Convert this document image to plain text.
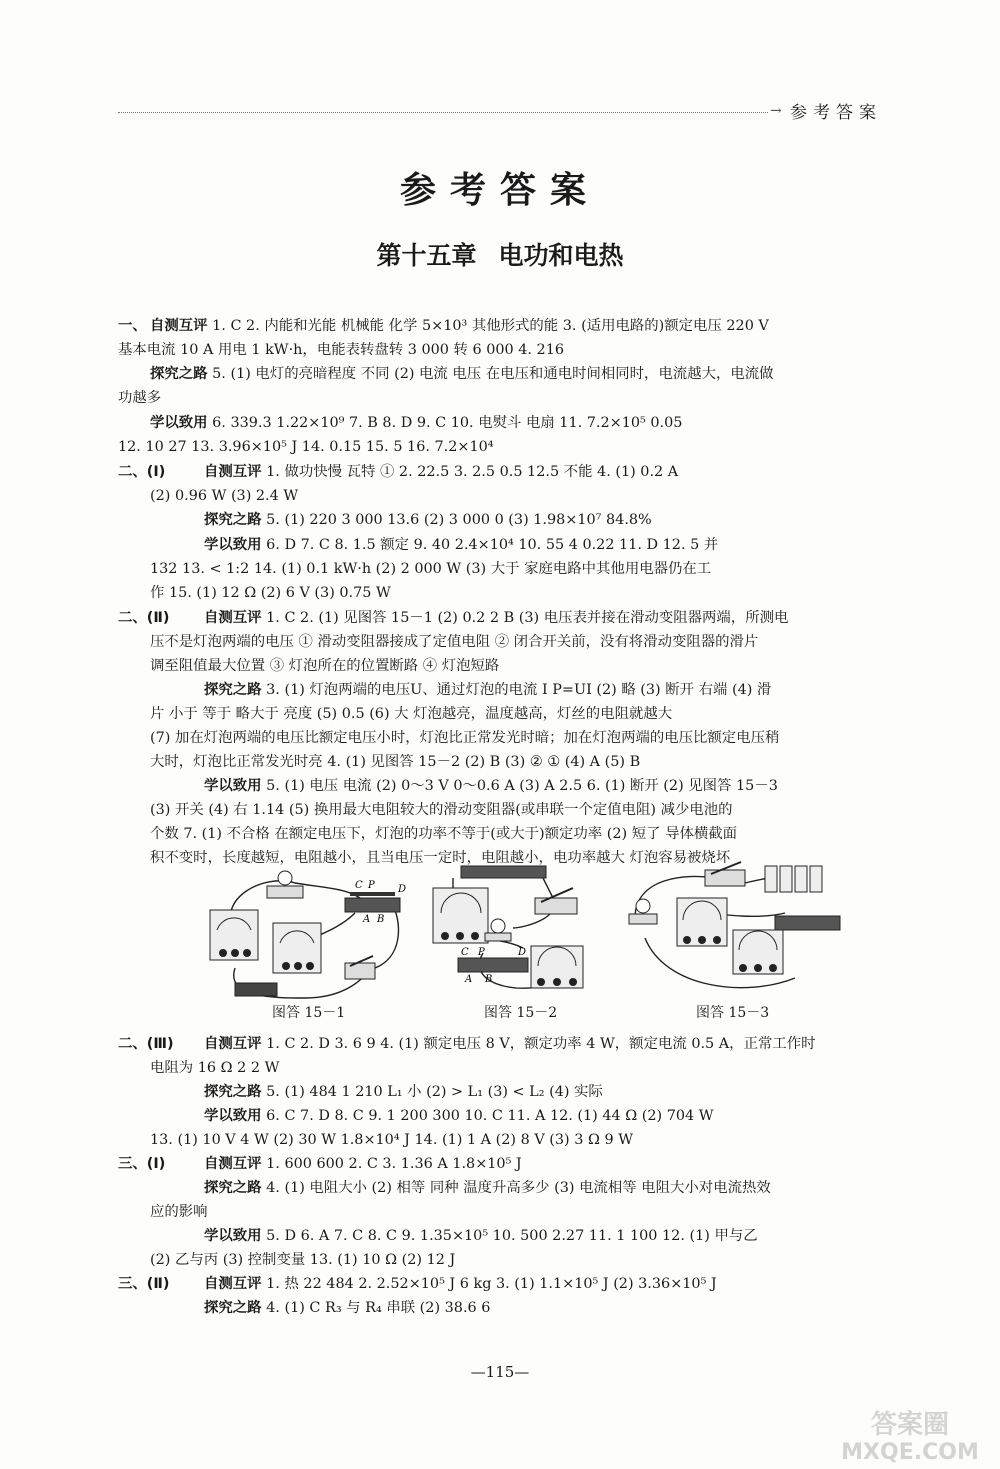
→ 参考答案
参考答案
第十五章 电功和电热
一、 自测互评 1. C 2. 内能和光能 机械能 化学 5×10³ 其他形式的能 3. (适用电路的)额定电压 220 V
基本电流 10 A 用电 1 kW·h，电能表转盘转 3 000 转 6 000 4. 216
探究之路 5. (1) 电灯的亮暗程度 不同 (2) 电流 电压 在电压和通电时间相同时，电流越大，电流做
功越多
学以致用 6. 339.3 1.22×10⁹ 7. B 8. D 9. C 10. 电熨斗 电扇 11. 7.2×10⁵ 0.05
12. 10 27 13. 3.96×10⁵ J 14. 0.15 15. 5 16. 7.2×10⁴
二、(Ⅰ)	自测互评 1. 做功快慢 瓦特 ① 2. 22.5 3. 2.5 0.5 12.5 不能 4. (1) 0.2 A
(2) 0.96 W (3) 2.4 W
探究之路 5. (1) 220 3 000 13.6 (2) 3 000 0 (3) 1.98×10⁷ 84.8%
学以致用 6. D 7. C 8. 1.5 额定 9. 40 2.4×10⁴ 10. 55 4 0.22 11. D 12. 5 并
132 13. < 1:2 14. (1) 0.1 kW·h (2) 2 000 W (3) 大于 家庭电路中其他用电器仍在工
作 15. (1) 12 Ω (2) 6 V (3) 0.75 W
二、(Ⅱ) 自测互评 1. C 2. (1) 见图答 15－1 (2) 0.2 2 B (3) 电压表并接在滑动变阻器两端，所测电
压不是灯泡两端的电压 ① 滑动变阻器接成了定值电阻 ② 闭合开关前，没有将滑动变阻器的滑片
调至阻值最大位置 ③ 灯泡所在的位置断路 ④ 灯泡短路
探究之路 3. (1) 灯泡两端的电压U、通过灯泡的电流 I P=UI (2) 略 (3) 断开 右端 (4) 滑
片 小于 等于 略大于 亮度 (5) 0.5 (6) 大 灯泡越亮，温度越高，灯丝的电阻就越大
(7) 加在灯泡两端的电压比额定电压小时，灯泡比正常发光时暗；加在灯泡两端的电压比额定电压稍
大时，灯泡比正常发光时亮 4. (1) 见图答 15－2 (2) B (3) ② ① (4) A (5) B
学以致用 5. (1) 电压 电流 (2) 0～3 V 0～0.6 A (3) A 2.5 6. (1) 断开 (2) 见图答 15－3
(3) 开关 (4) 右 1.14 (5) 换用最大电阻较大的滑动变阻器(或串联一个定值电阻) 减少电池的
个数 7. (1) 不合格 在额定电压下，灯泡的功率不等于(或大于)额定功率 (2) 短了 导体横截面
积不变时，长度越短，电阻越小，且当电压一定时，电阻越小，电功率越大 灯泡容易被烧坏
二、(Ⅲ) 自测互评 1. C 2. D 3. 6 9 4. (1) 额定电压 8 V，额定功率 4 W，额定电流 0.5 A，正常工作时
电阻为 16 Ω 2 2 W
探究之路 5. (1) 484 1 210 L₁ 小 (2) > L₁ (3) < L₂ (4) 实际
学以致用 6. C 7. D 8. C 9. 1 200 300 10. C 11. A 12. (1) 44 Ω (2) 704 W
13. (1) 10 V 4 W (2) 30 W 1.8×10⁴ J 14. (1) 1 A (2) 8 V (3) 3 Ω 9 W
三、(Ⅰ)	自测互评 1. 600 600 2. C 3. 1.36 A 1.8×10⁵ J
探究之路 4. (1) 电阻大小 (2) 相等 同种 温度升高多少 (3) 电流相等 电阻大小对电流热效
应的影响
学以致用 5. D 6. A 7. C 8. C 9. 1.35×10⁵ 10. 500 2.27 11. 1 100 12. (1) 甲与乙
(2) 乙与丙 (3) 控制变量 13. (1) 10 Ω (2) 12 J
三、(Ⅱ) 自测互评 1. 热 22 484 2. 2.52×10⁵ J 6 kg 3. (1) 1.1×10⁵ J (2) 3.36×10⁵ J
探究之路 4. (1) C R₃ 与 R₄ 串联 (2) 38.6 6
C P D
A B
C P	D
A B
图答 15－1	图答 15－2	图答 15－3
—115—
答案圈
MXQE.COM
